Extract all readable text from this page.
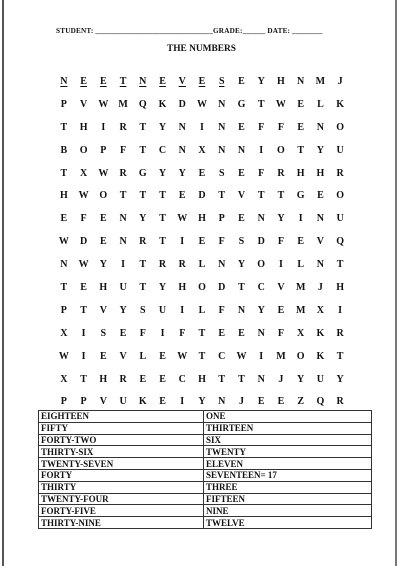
STUDENT: _______________________________GRADE:______ DATE: ________
THE NUMBERS
N	E	E	T	N	E	V	E	S	E	Y	H	N	M	J
P	V	W	M	Q	K	D	W	N	G	T	W	E	L	K
T	H	I	R	T	Y	N	I	N	E	F	F	E	N	O
B	O	P	F	T	C	N	X	N	N	I	O	T	Y	U
T	X	W	R	G	Y	Y	E	S	E	F	R	H	H	R
H	W	O	T	T	T	E	D	T	V	T	T	G	E	O
E	F	E	N	Y	T	W	H	P	E	N	Y	I	N	U
W	D	E	N	R	T	I	E	F	S	D	F	E	V	Q
N	W	Y	I	T	R	R	L	N	Y	O	I	L	N	T
T	E	H	U	T	Y	H	O	D	T	C	V	M	J	H
P	T	V	Y	S	U	I	L	F	N	Y	E	M	X	I
X	I	S	E	F	I	F	T	E	E	N	F	X	K	R
W	I	E	V	L	E	W	T	C	W	I	M	O	K	T
X	T	H	R	E	E	C	H	T	T	N	J	Y	U	Y
P	P	V	U	K	E	I	Y	N	J	E	E	Z	Q	R
EIGHTEEN	ONE
FIFTY	THIRTEEN
FORTY-TWO	SIX
THIRTY-SIX	TWENTY
TWENTY-SEVEN	ELEVEN
FORTY	SEVENTEEN= 17
THIRTY	THREE
TWENTY-FOUR	FIFTEEN
FORTY-FIVE	NINE
THIRTY-NINE	TWELVE
